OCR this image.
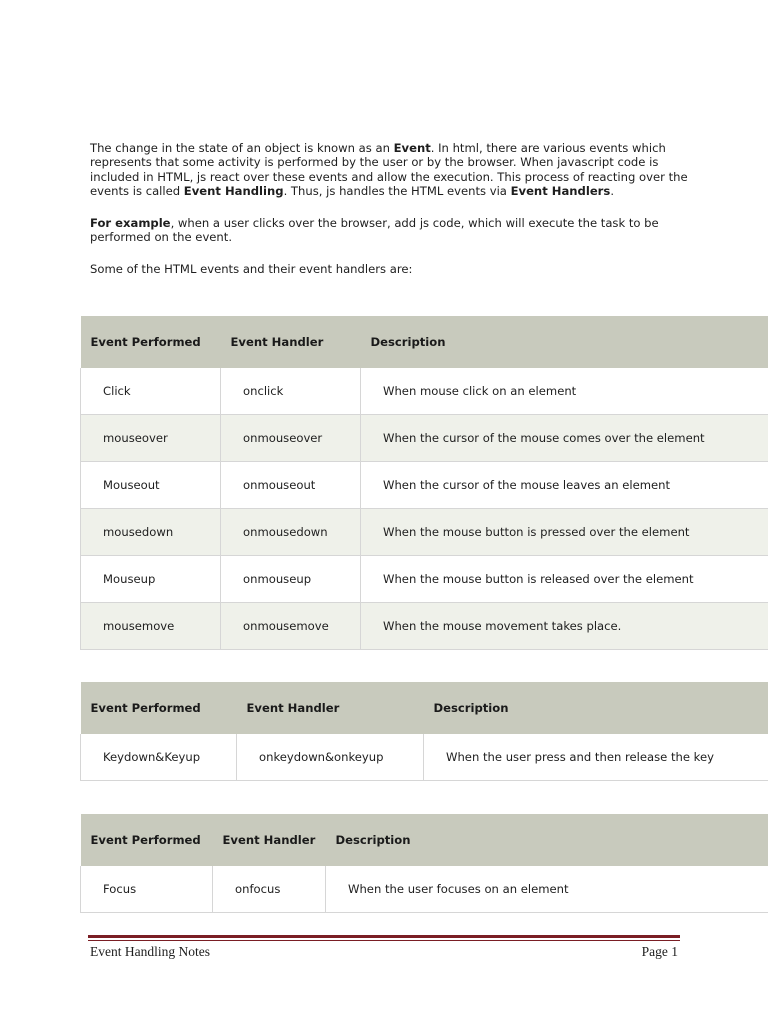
The change in the state of an object is known as an Event. In html, there are various events which represents that some activity is performed by the user or by the browser. When javascript code is included in HTML, js react over these events and allow the execution. This process of reacting over the events is called Event Handling. Thus, js handles the HTML events via Event Handlers.

For example, when a user clicks over the browser, add js code, which will execute the task to be performed on the event.

Some of the HTML events and their event handlers are:

Event Performed	Event Handler	Description
Click	onclick	When mouse click on an element
mouseover	onmouseover	When the cursor of the mouse comes over the element
Mouseout	onmouseout	When the cursor of the mouse leaves an element
mousedown	onmousedown	When the mouse button is pressed over the element
Mouseup	onmouseup	When the mouse button is released over the element
mousemove	onmousemove	When the mouse movement takes place.
Event Performed	Event Handler	Description
Keydown&Keyup	onkeydown&onkeyup	When the user press and then release the key
Event Performed	Event Handler	Description
Focus	onfocus	When the user focuses on an element
Event Handling Notes	Page 1
